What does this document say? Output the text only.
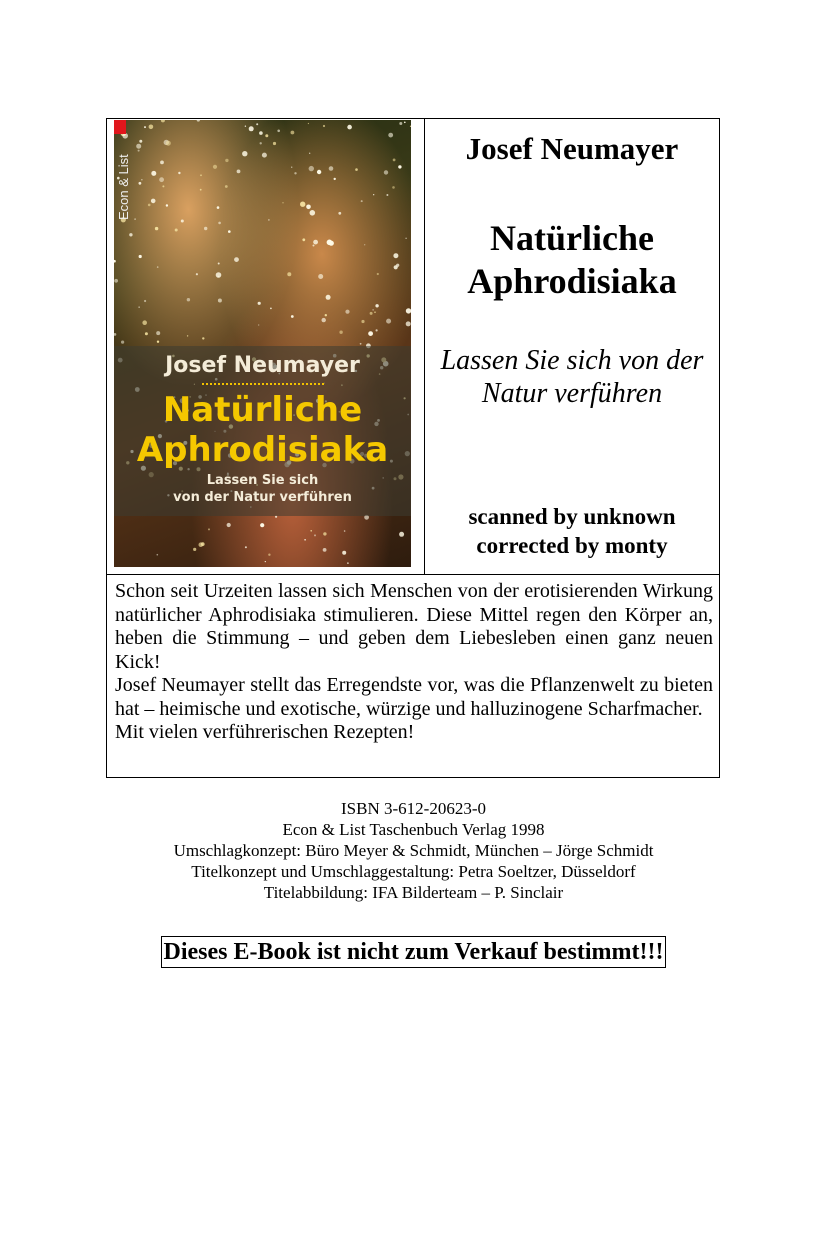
Econ & List
Josef Neumayer
Natürliche
Aphrodisiaka
Lassen Sie sich
von der Natur verführen
Josef Neumayer
Natürliche
Aphrodisiaka
Lassen Sie sich von der
Natur verführen
scanned by unknown
corrected by monty

Schon seit Urzeiten lassen sich Menschen von der erotisierenden Wirkung natürlicher Aphrodisiaka stimulieren. Diese Mittel regen den Körper an, heben die Stimmung – und geben dem Liebesleben einen ganz neuen Kick!

Josef Neumayer stellt das Erregendste vor, was die Pflanzenwelt zu bieten hat – heimische und exotische, würzige und halluzinogene Scharfmacher.

Mit vielen verführerischen Rezepten!

ISBN 3-612-20623-0
Econ & List Taschenbuch Verlag 1998
Umschlagkonzept: Büro Meyer & Schmidt, München – Jörge Schmidt
Titelkonzept und Umschlaggestaltung: Petra Soeltzer, Düsseldorf
Titelabbildung: IFA Bilderteam – P. Sinclair
Dieses E-Book ist nicht zum Verkauf bestimmt!!!
